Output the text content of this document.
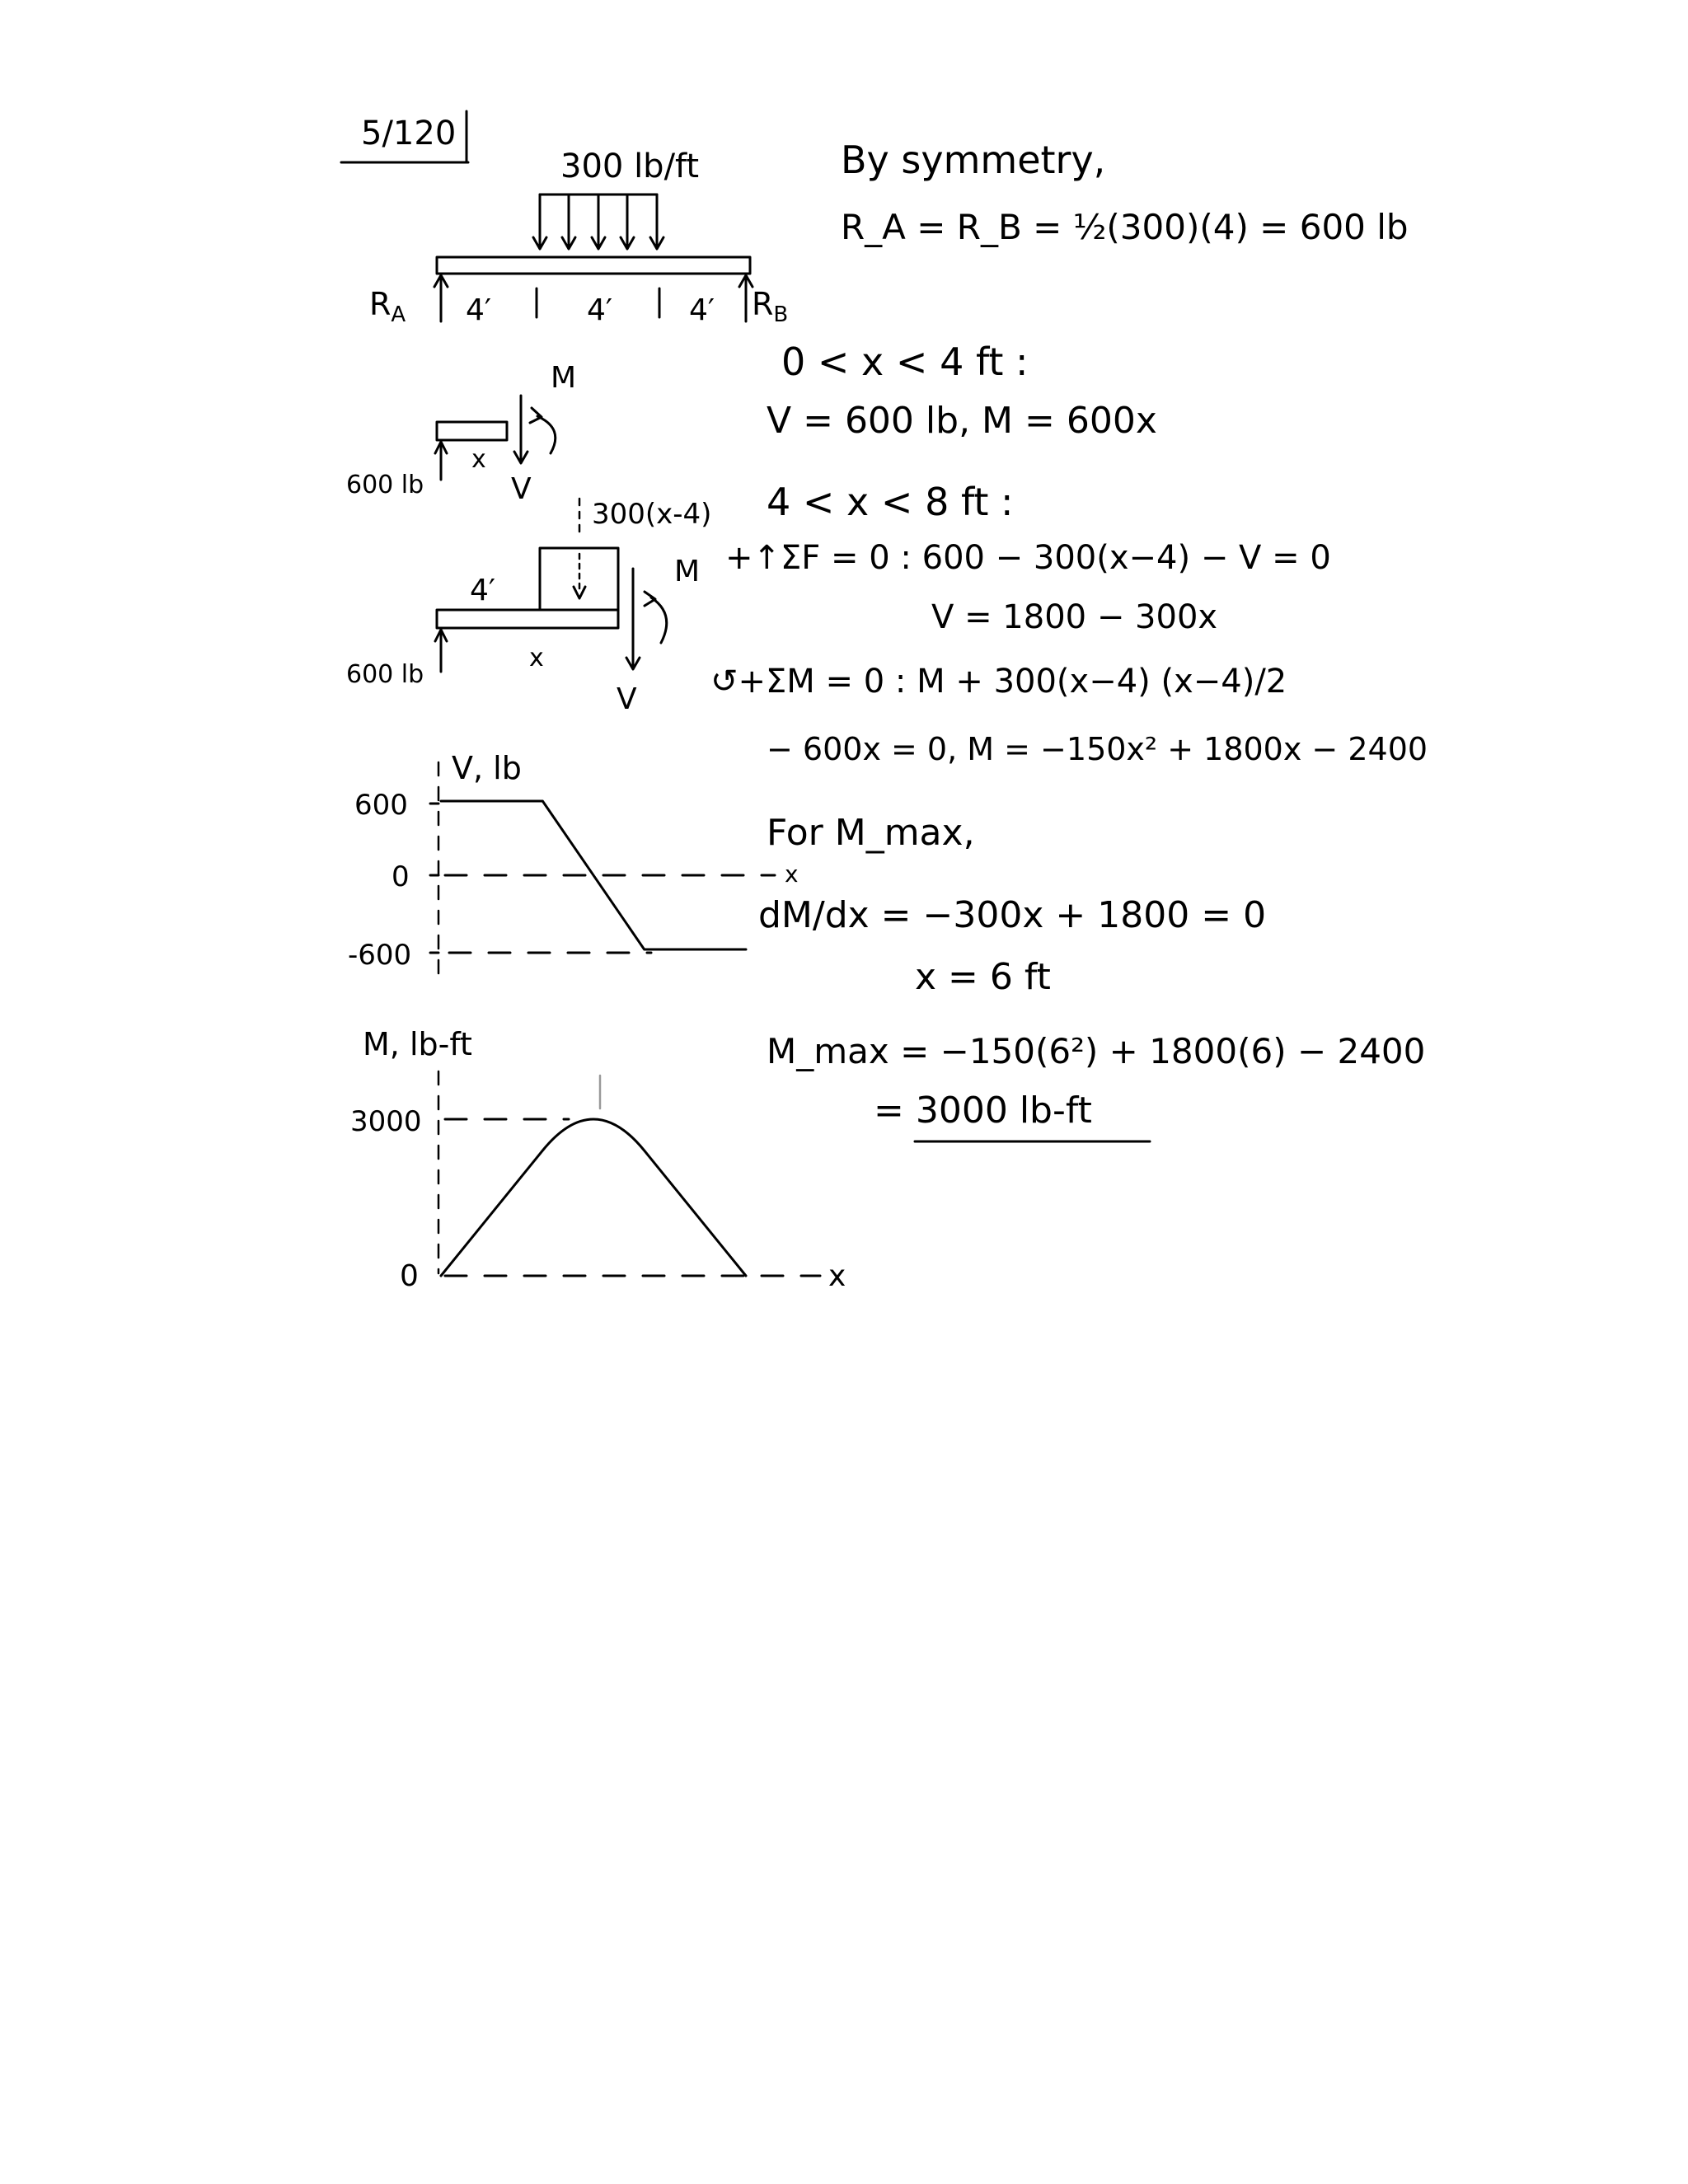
5/120
300 lb/ft
$R_A$	$R_B$
4′	4′	4′
M
V
x
600 lb
300(x-4)
4′
M
V
x
600 lb
V, lb
600
0
-600
x
M, lb-ft
3000
0	x
By symmetry,
R_A = R_B = ½(300)(4) = 600 lb
0 < x < 4 ft :
V = 600 lb, M = 600x
4 < x < 8 ft :
+↑ΣF = 0 : 600 − 300(x−4) − V = 0
V = 1800 − 300x
↺+ΣM = 0 : M + 300(x−4) (x−4)/2
− 600x = 0, M = −150x² + 1800x − 2400
For M_max,
dM/dx = −300x + 1800 = 0
x = 6 ft
M_max = −150(6²) + 1800(6) − 2400
= 3000 lb-ft
